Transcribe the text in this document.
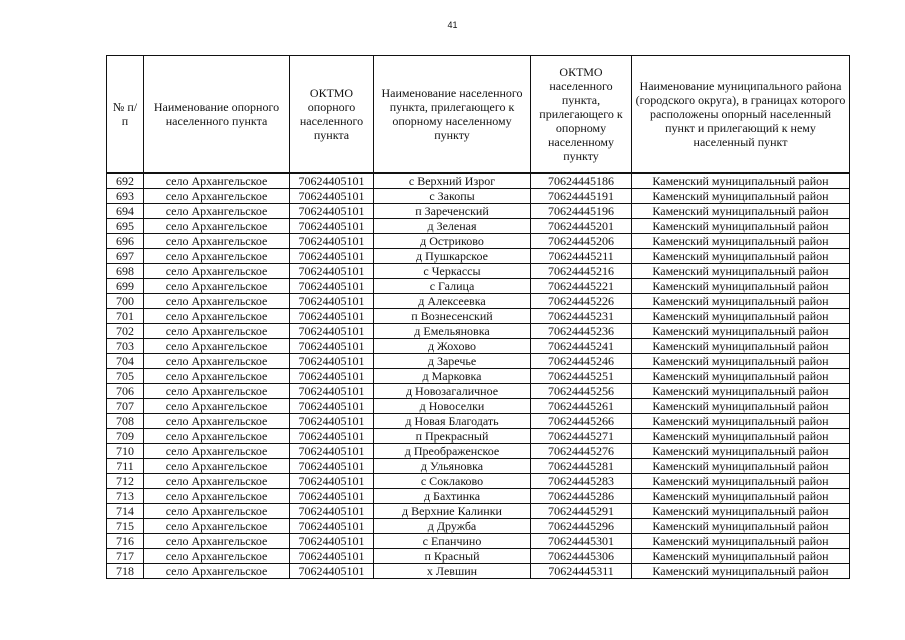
41
№ п/п	Наименование опорного населенного пункта	ОКТМО опорного населенного пункта	Наименование населенного пункта, прилегающего к опорному населенному пункту	ОКТМО населенного пункта, прилегающего к опорному населенному пункту	Наименование муниципального района (городского округа), в границах которого расположены опорный населенный пункт и прилегающий к нему населенный пункт
692	село Архангельское	70624405101	с Верхний Изрог	70624445186	Каменский муниципальный район
693	село Архангельское	70624405101	с Закопы	70624445191	Каменский муниципальный район
694	село Архангельское	70624405101	п Зареченский	70624445196	Каменский муниципальный район
695	село Архангельское	70624405101	д Зеленая	70624445201	Каменский муниципальный район
696	село Архангельское	70624405101	д Остриково	70624445206	Каменский муниципальный район
697	село Архангельское	70624405101	д Пушкарское	70624445211	Каменский муниципальный район
698	село Архангельское	70624405101	с Черкассы	70624445216	Каменский муниципальный район
699	село Архангельское	70624405101	с Галица	70624445221	Каменский муниципальный район
700	село Архангельское	70624405101	д Алексеевка	70624445226	Каменский муниципальный район
701	село Архангельское	70624405101	п Вознесенский	70624445231	Каменский муниципальный район
702	село Архангельское	70624405101	д Емельяновка	70624445236	Каменский муниципальный район
703	село Архангельское	70624405101	д Жохово	70624445241	Каменский муниципальный район
704	село Архангельское	70624405101	д Заречье	70624445246	Каменский муниципальный район
705	село Архангельское	70624405101	д Марковка	70624445251	Каменский муниципальный район
706	село Архангельское	70624405101	д Новозагаличное	70624445256	Каменский муниципальный район
707	село Архангельское	70624405101	д Новоселки	70624445261	Каменский муниципальный район
708	село Архангельское	70624405101	д Новая Благодать	70624445266	Каменский муниципальный район
709	село Архангельское	70624405101	п Прекрасный	70624445271	Каменский муниципальный район
710	село Архангельское	70624405101	д Преображенское	70624445276	Каменский муниципальный район
711	село Архангельское	70624405101	д Ульяновка	70624445281	Каменский муниципальный район
712	село Архангельское	70624405101	с Соклаково	70624445283	Каменский муниципальный район
713	село Архангельское	70624405101	д Бахтинка	70624445286	Каменский муниципальный район
714	село Архангельское	70624405101	д Верхние Калинки	70624445291	Каменский муниципальный район
715	село Архангельское	70624405101	д Дружба	70624445296	Каменский муниципальный район
716	село Архангельское	70624405101	с Епанчино	70624445301	Каменский муниципальный район
717	село Архангельское	70624405101	п Красный	70624445306	Каменский муниципальный район
718	село Архангельское	70624405101	х Левшин	70624445311	Каменский муниципальный район
